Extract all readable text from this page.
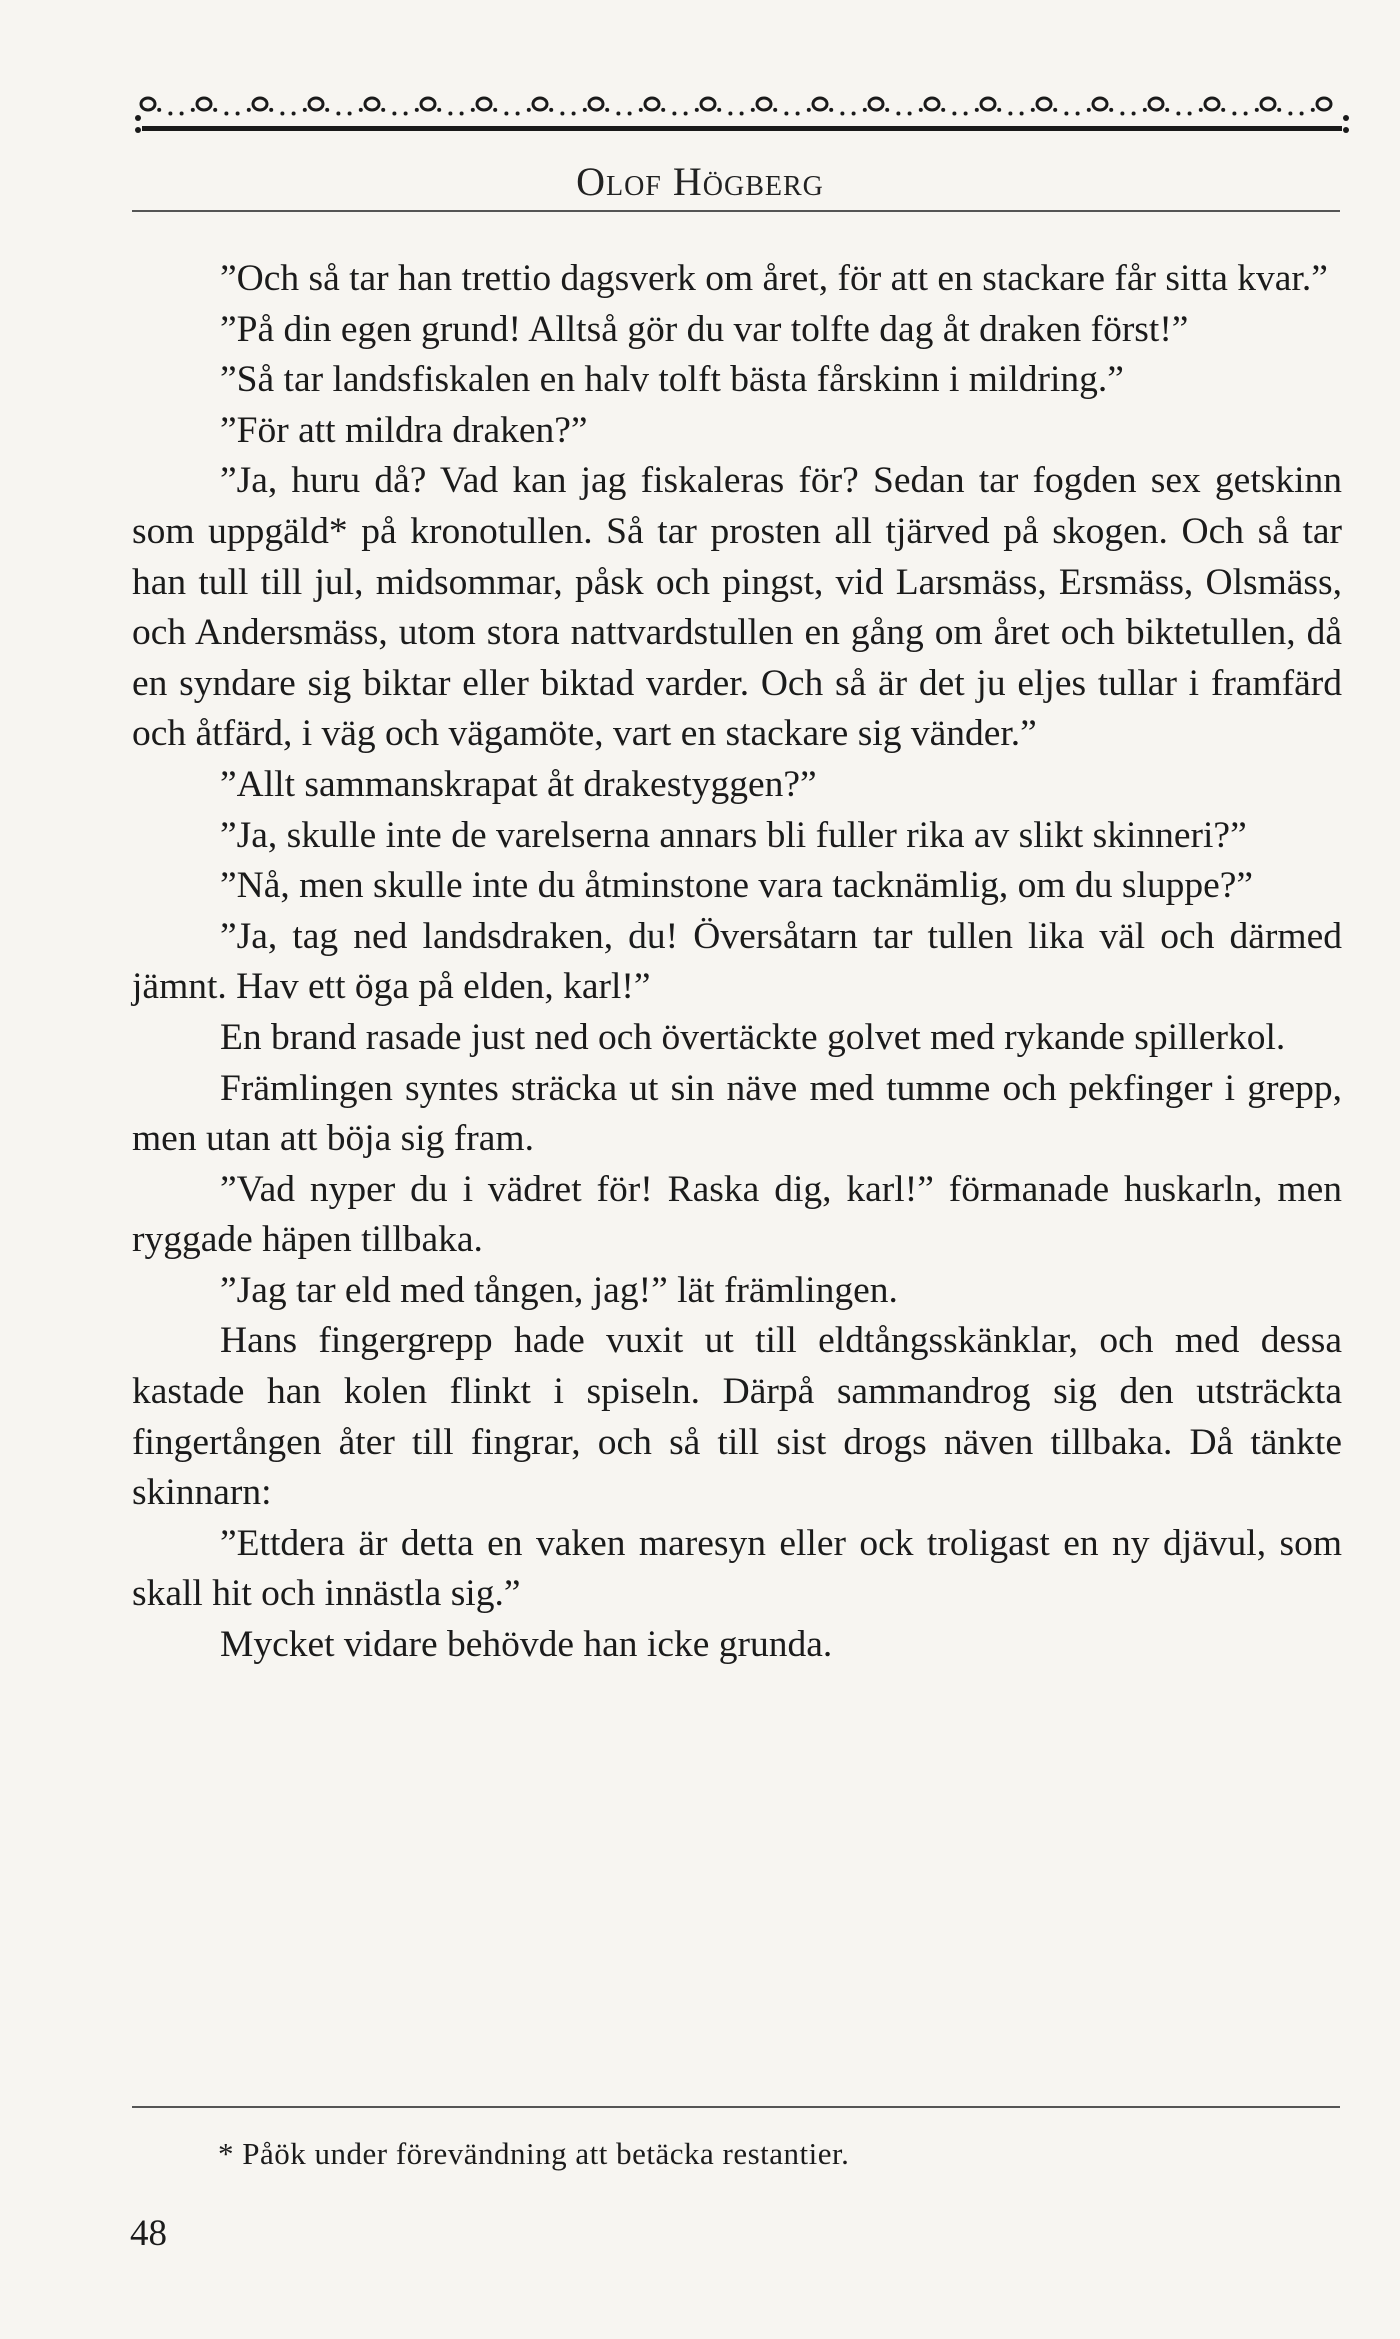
Olof Högberg

”Och så tar han trettio dagsverk om året, för att en stackare får sitta kvar.”

”På din egen grund! Alltså gör du var tolfte dag åt draken först!”

”Så tar landsfiskalen en halv tolft bästa fårskinn i mildring.”

”För att mildra draken?”

”Ja, huru då? Vad kan jag fiskaleras för? Sedan tar fogden sex getskinn som uppgäld* på kronotullen. Så tar prosten all tjärved på skogen. Och så tar han tull till jul, midsommar, påsk och pingst, vid Larsmäss, Ersmäss, Olsmäss, och Andersmäss, utom stora nattvardstullen en gång om året och biktetullen, då en syndare sig biktar eller biktad varder. Och så är det ju eljes tullar i framfärd och åtfärd, i väg och vägamöte, vart en stackare sig vänder.”

”Allt sammanskrapat åt drakestyggen?”

”Ja, skulle inte de varelserna annars bli fuller rika av slikt skinneri?”

”Nå, men skulle inte du åtminstone vara tacknämlig, om du sluppe?”

”Ja, tag ned landsdraken, du! Översåtarn tar tullen lika väl och därmed jämnt. Hav ett öga på elden, karl!”

En brand rasade just ned och övertäckte golvet med rykande spillerkol.

Främlingen syntes sträcka ut sin näve med tumme och pekfinger i grepp, men utan att böja sig fram.

”Vad nyper du i vädret för! Raska dig, karl!” förmanade huskarln, men ryggade häpen tillbaka.

”Jag tar eld med tången, jag!” lät främlingen.

Hans fingergrepp hade vuxit ut till eldtångsskänklar, och med dessa kastade han kolen flinkt i spiseln. Därpå sammandrog sig den utsträckta fingertången åter till fingrar, och så till sist drogs näven tillbaka. Då tänkte skinnarn:

”Ettdera är detta en vaken maresyn eller ock troligast en ny djävul, som skall hit och innästla sig.”

Mycket vidare behövde han icke grunda.

* Påök under förevändning att betäcka restantier.
48
